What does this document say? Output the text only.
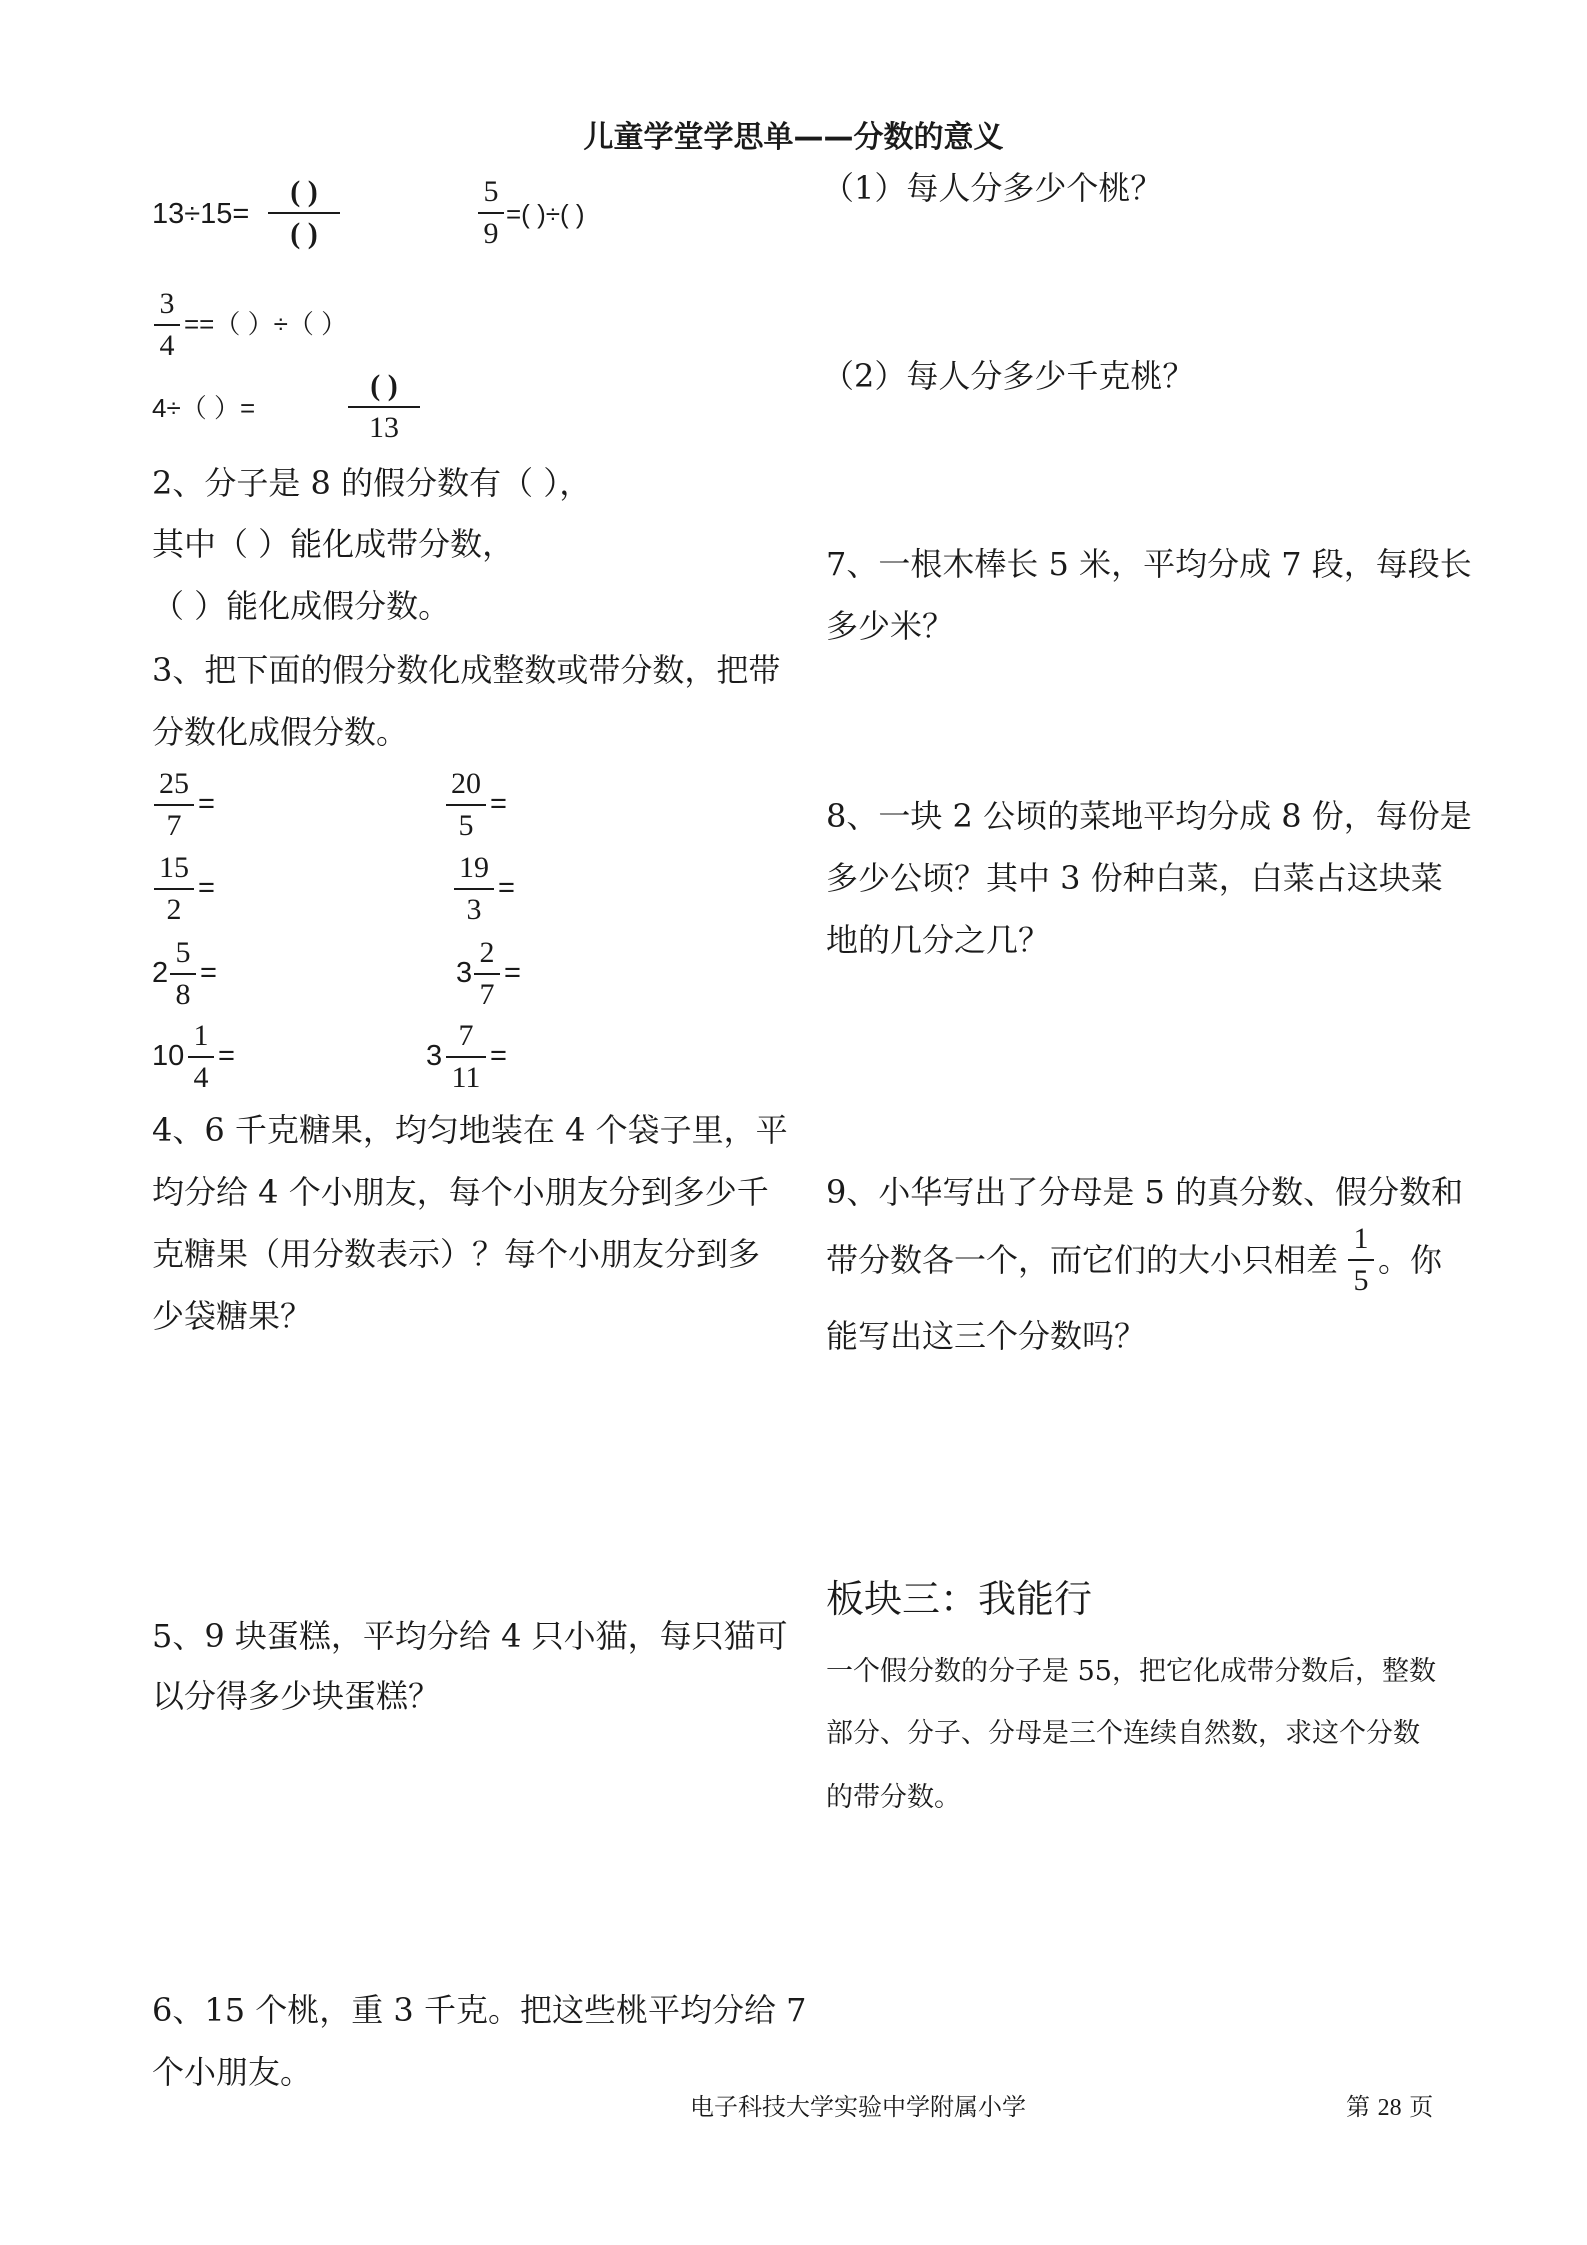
儿童学堂学思单——分数的意义
13÷15=
( )
( )
5
9
=( )÷( )
3
4
==（ ）÷（ ）
4÷（ ）=
( )
13
2、分子是 8 的假分数有（ ），
其中（ ）能化成带分数，
（ ）能化成假分数。
3、把下面的假分数化成整数或带分数，把带
分数化成假分数。
25
7
=
20
5
=
15
2
=
19
3
=
2
5
8
=	3
2
7
=
10
1
4
=	3
7
11
=
4、6 千克糖果，均匀地装在 4 个袋子里，平
均分给 4 个小朋友，每个小朋友分到多少千
克糖果（用分数表示）？每个小朋友分到多
少袋糖果？
5、9 块蛋糕，平均分给 4 只小猫，每只猫可
以分得多少块蛋糕？
6、15 个桃，重 3 千克。把这些桃平均分给 7
个小朋友。
（1）每人分多少个桃？
（2）每人分多少千克桃？
7、一根木棒长 5 米，平均分成 7 段，每段长
多少米？
8、一块 2 公顷的菜地平均分成 8 份，每份是
多少公顷？其中 3 份种白菜，白菜占这块菜
地的几分之几？
9、小华写出了分母是 5 的真分数、假分数和
带分数各一个，而它们的大小只相差
1
5
。你
能写出这三个分数吗？
板块三：我能行
一个假分数的分子是 55，把它化成带分数后，整数
部分、分子、分母是三个连续自然数，求这个分数
的带分数。
电子科技大学实验中学附属小学	第 28 页
